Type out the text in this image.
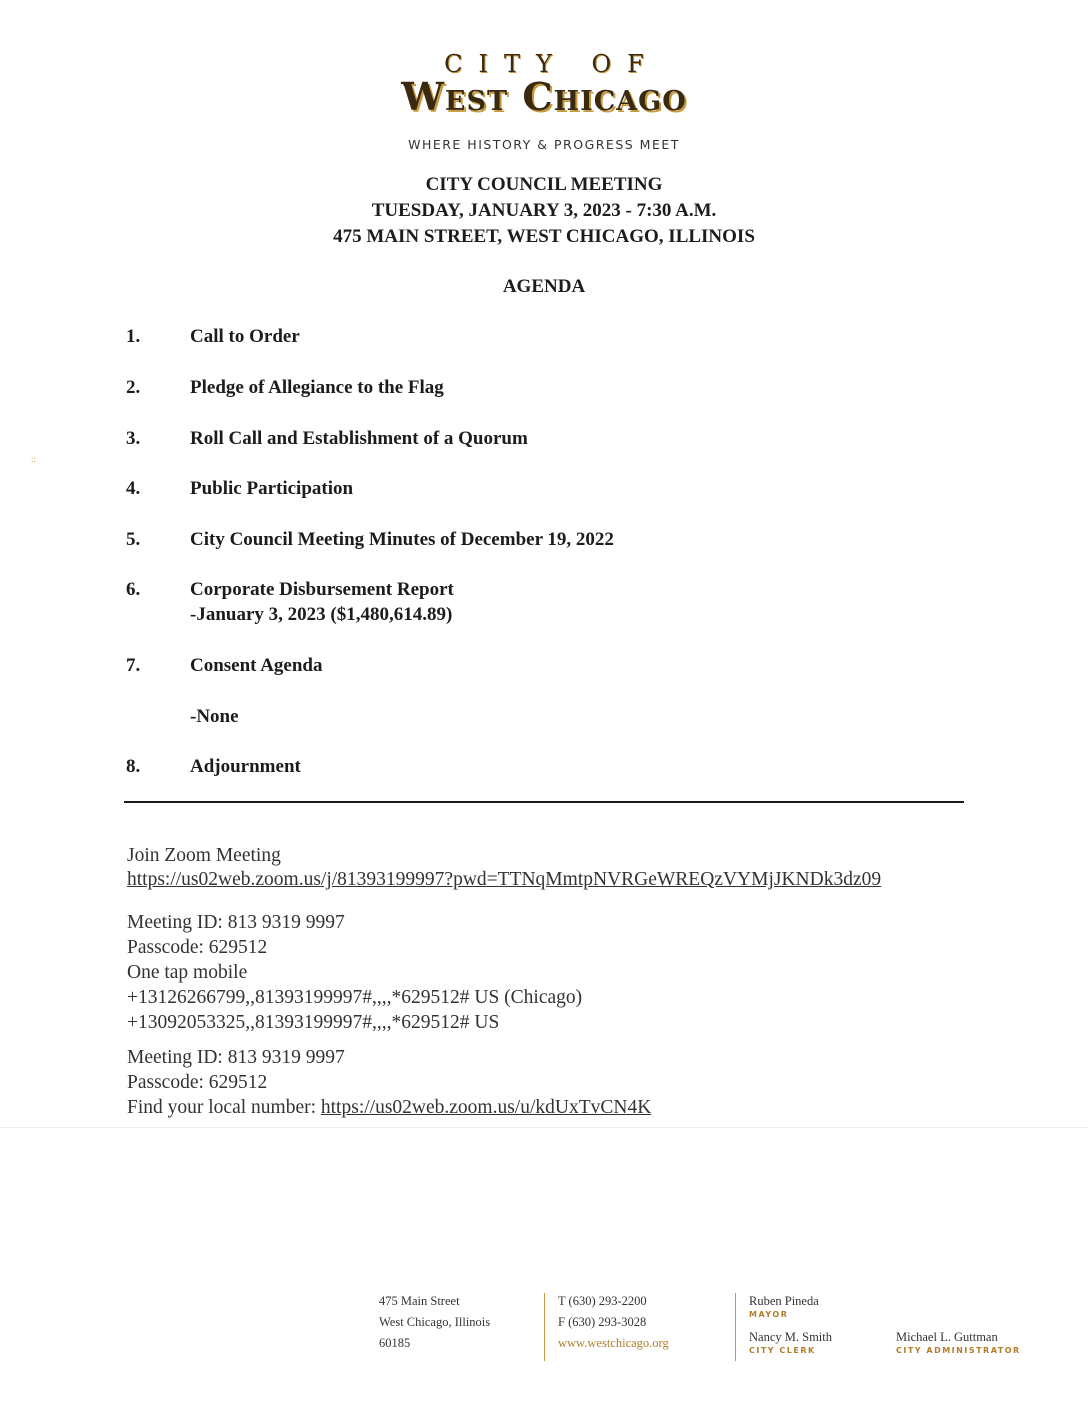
CITY OF
West Chicago
WHERE HISTORY & PROGRESS MEET
CITY COUNCIL MEETING
TUESDAY, JANUARY 3, 2023 - 7:30 A.M.
475 MAIN STREET, WEST CHICAGO, ILLINOIS
AGENDA
::
1.	Call to Order
2.	Pledge of Allegiance to the Flag
3.	Roll Call and Establishment of a Quorum
4.	Public Participation
5.	City Council Meeting Minutes of December 19, 2022
6.	Corporate Disbursement Report
-January 3, 2023 ($1,480,614.89)
7.	Consent Agenda
-None
8.	Adjournment
Join Zoom Meeting
https://us02web.zoom.us/j/81393199997?pwd=TTNqMmtpNVRGeWREQzVYMjJKNDk3dz09
Meeting ID: 813 9319 9997
Passcode: 629512
One tap mobile
+13126266799,,81393199997#,,,,*629512# US (Chicago)
+13092053325,,81393199997#,,,,*629512# US
Meeting ID: 813 9319 9997
Passcode: 629512
Find your local number: https://us02web.zoom.us/u/kdUxTvCN4K
475 Main Street
West Chicago, Illinois
60185
T (630) 293-2200
F (630) 293-3028
www.westchicago.org
Ruben Pineda
MAYOR
Nancy M. Smith
CITY CLERK
Michael L. Guttman
CITY ADMINISTRATOR
